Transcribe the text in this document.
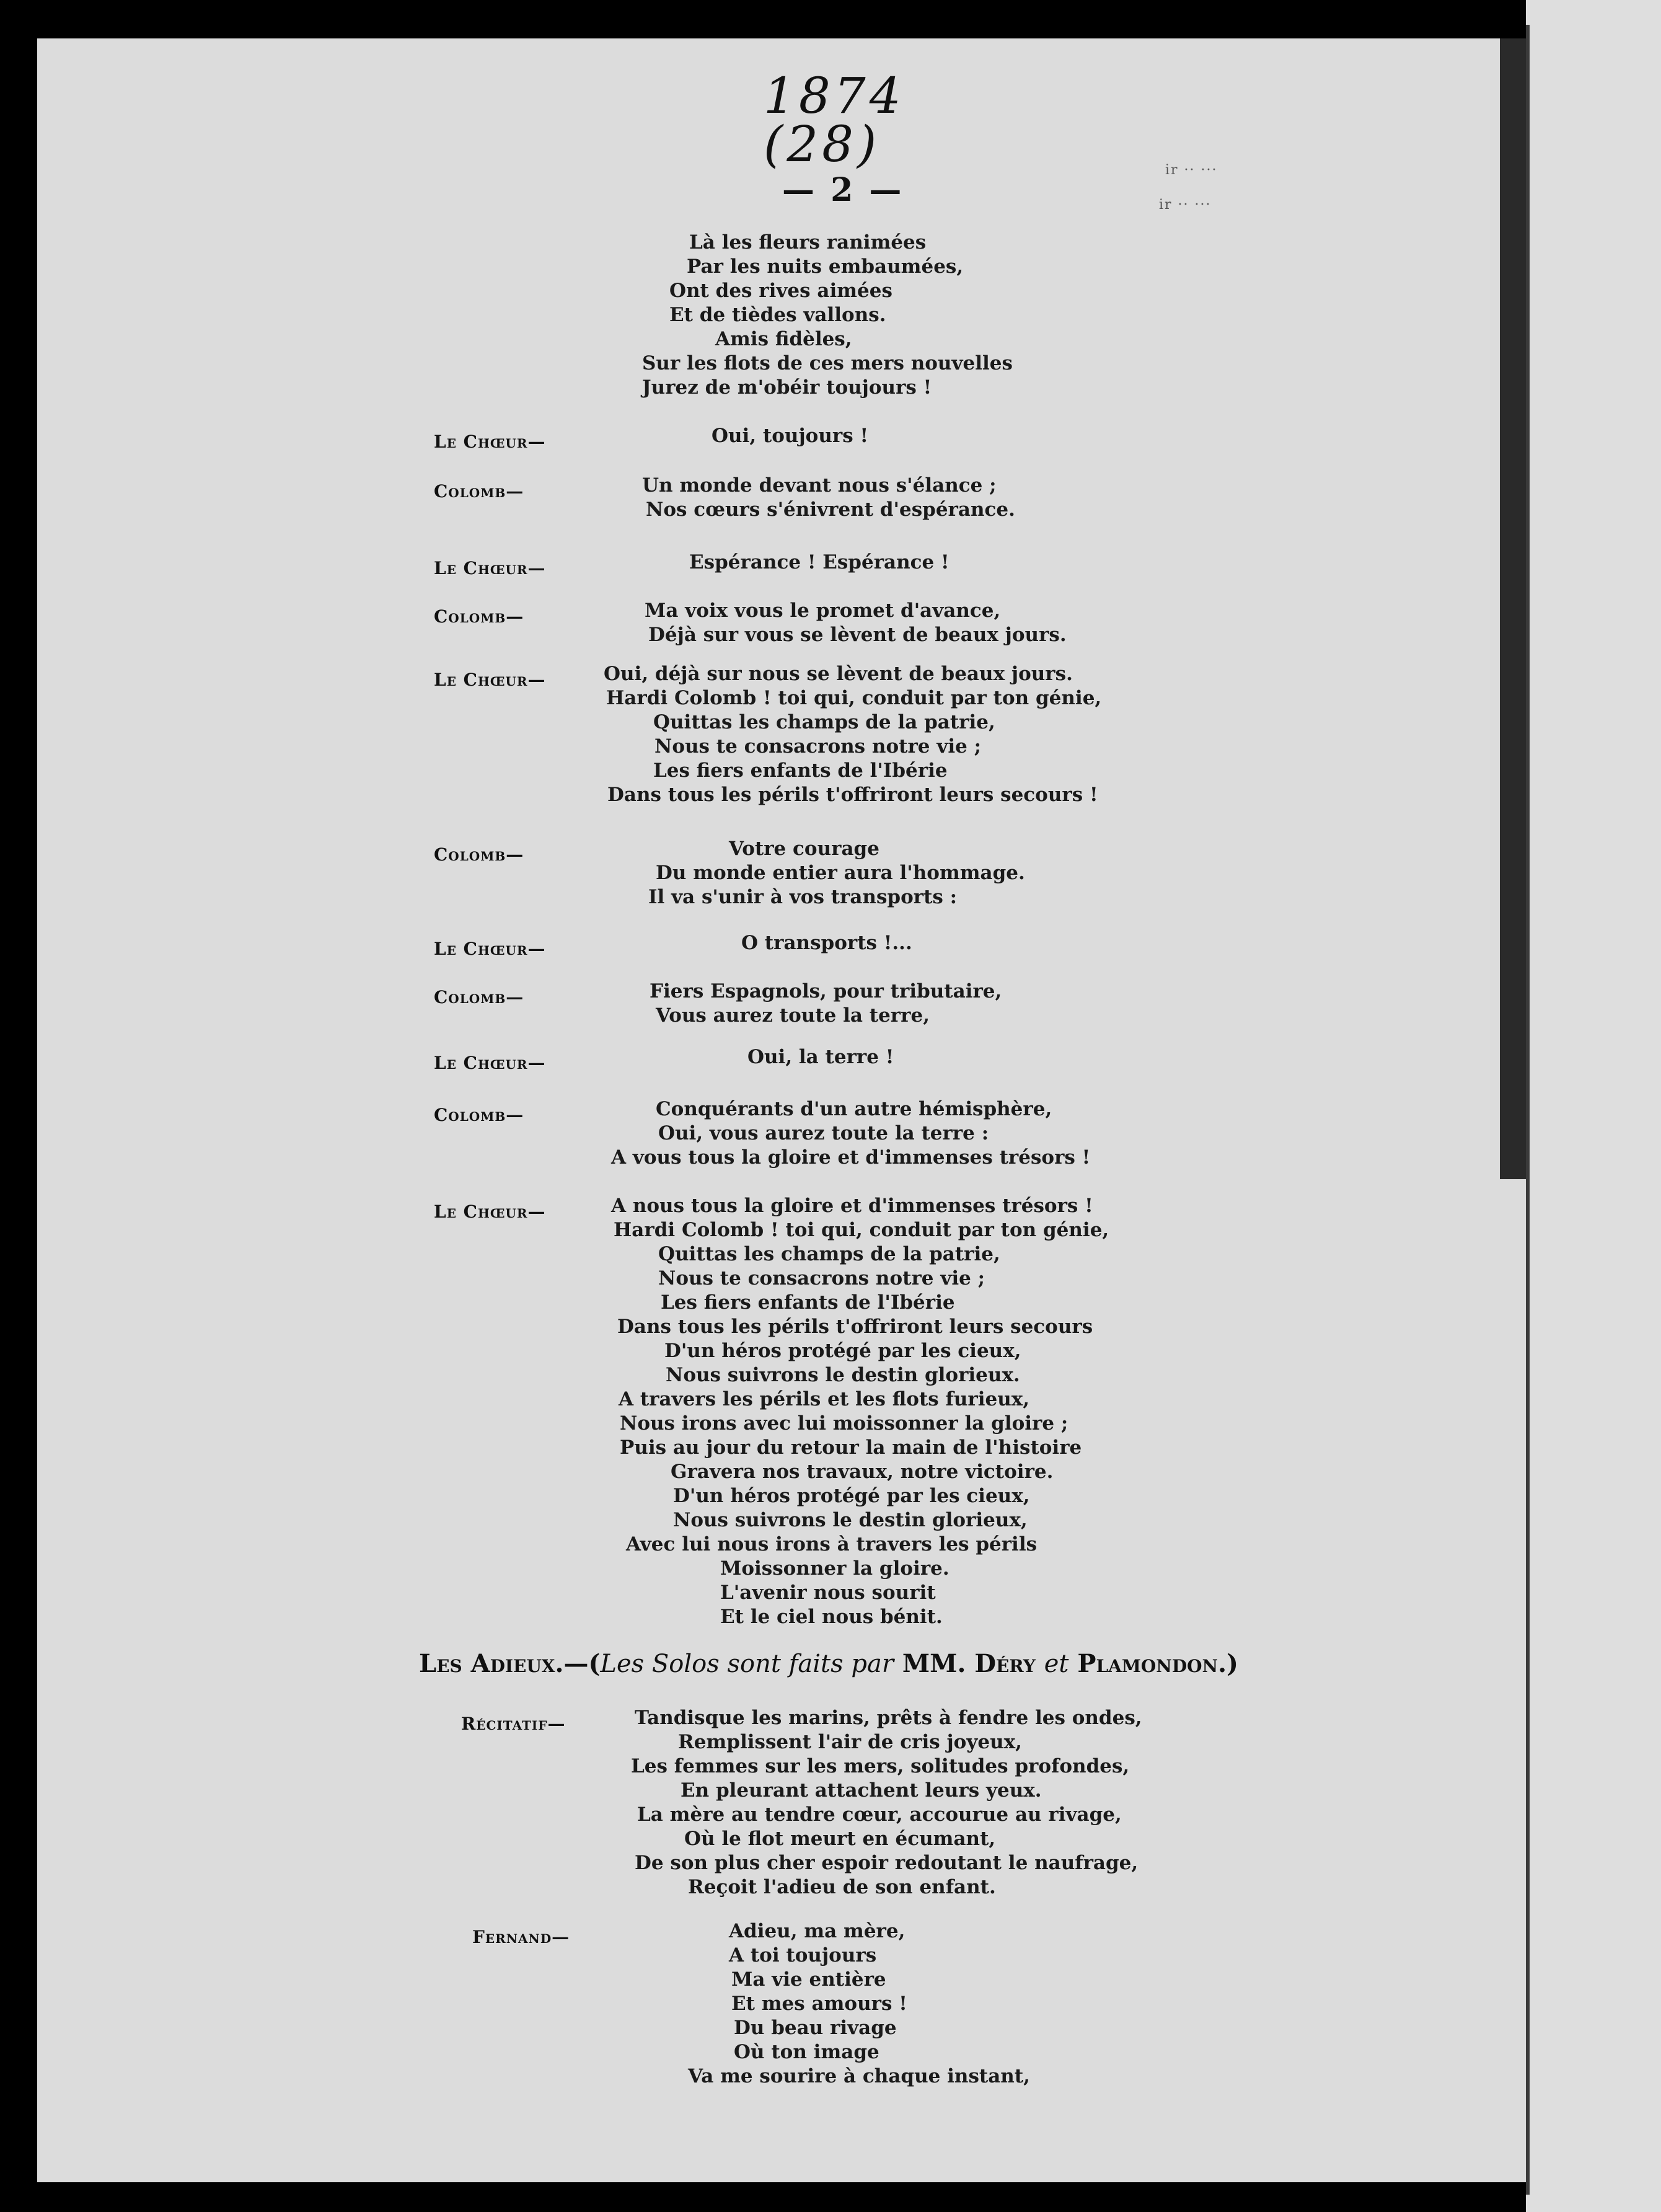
1874
(28)
— 2 —
ir ·· ···
ir ·· ···
Là les fleurs ranimées
Par les nuits embaumées,
Ont des rives aimées
Et de tièdes vallons.
Amis fidèles,
Sur les flots de ces mers nouvelles
Jurez de m'obéir toujours !
Le Chœur—	Oui, toujours !
Colomb—	Un monde devant nous s'élance ;
Nos cœurs s'énivrent d'espérance.
Le Chœur—	Espérance ! Espérance !
Colomb—	Ma voix vous le promet d'avance,
Déjà sur vous se lèvent de beaux jours.
Le Chœur—	Oui, déjà sur nous se lèvent de beaux jours.
Hardi Colomb ! toi qui, conduit par ton génie,
Quittas les champs de la patrie,
Nous te consacrons notre vie ;
Les fiers enfants de l'Ibérie
Dans tous les périls t'offriront leurs secours !
Colomb—	Votre courage
Du monde entier aura l'hommage.
Il va s'unir à vos transports :
Le Chœur—	O transports !...
Colomb—	Fiers Espagnols, pour tributaire,
Vous aurez toute la terre,
Le Chœur—	Oui, la terre !
Colomb—	Conquérants d'un autre hémisphère,
Oui, vous aurez toute la terre :
A vous tous la gloire et d'immenses trésors !
Le Chœur—	A nous tous la gloire et d'immenses trésors !
Hardi Colomb ! toi qui, conduit par ton génie,
Quittas les champs de la patrie,
Nous te consacrons notre vie ;
Les fiers enfants de l'Ibérie
Dans tous les périls t'offriront leurs secours
D'un héros protégé par les cieux,
Nous suivrons le destin glorieux.
A travers les périls et les flots furieux,
Nous irons avec lui moissonner la gloire ;
Puis au jour du retour la main de l'histoire
Gravera nos travaux, notre victoire.
D'un héros protégé par les cieux,
Nous suivrons le destin glorieux,
Avec lui nous irons à travers les périls
Moissonner la gloire.
L'avenir nous sourit
Et le ciel nous bénit.
Récitatif—	Tandisque les marins, prêts à fendre les ondes,
Remplissent l'air de cris joyeux,
Les femmes sur les mers, solitudes profondes,
En pleurant attachent leurs yeux.
La mère au tendre cœur, accourue au rivage,
Où le flot meurt en écumant,
De son plus cher espoir redoutant le naufrage,
Reçoit l'adieu de son enfant.
Fernand—	Adieu, ma mère,
A toi toujours
Ma vie entière
Et mes amours !
Du beau rivage
Où ton image
Va me sourire à chaque instant,
Les Adieux.—(Les Solos sont faits par MM. Déry et Plamondon.)
